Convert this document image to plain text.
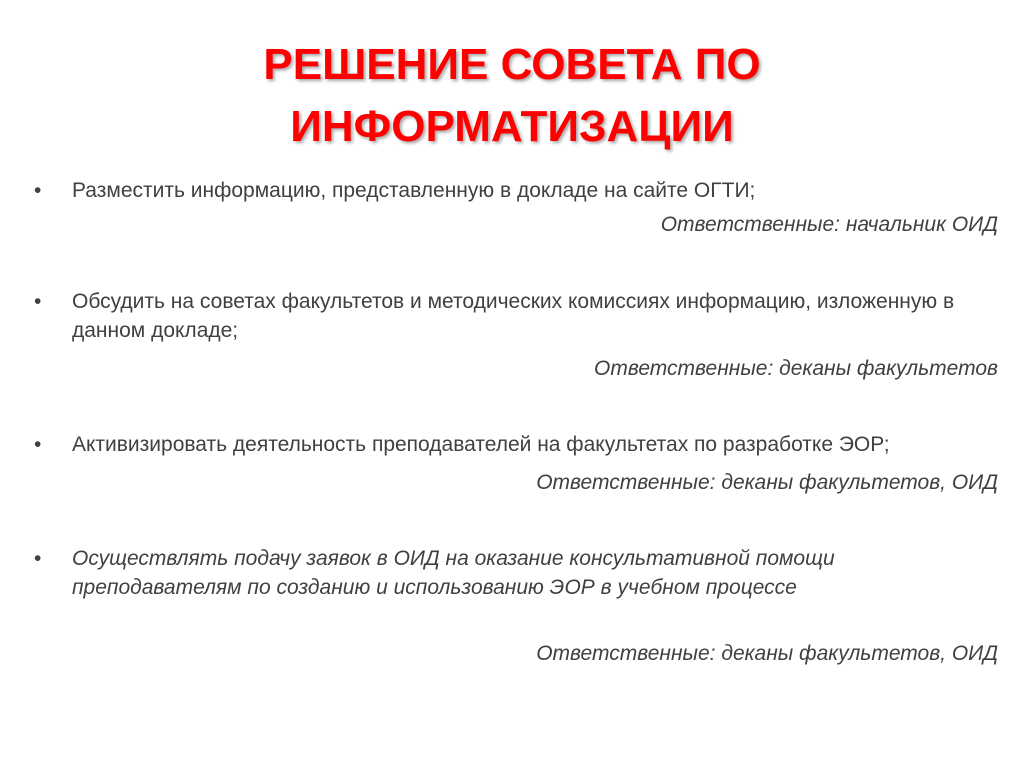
РЕШЕНИЕ СОВЕТА ПО ИНФОРМАТИЗАЦИИ
•	Разместить информацию, представленную в докладе на сайте ОГТИ;
Ответственные: начальник ОИД
•	Обсудить на советах факультетов и методических комиссиях информацию, изложенную в данном докладе;
Ответственные: деканы факультетов
•	Активизировать деятельность преподавателей на факультетах по разработке ЭОР;
Ответственные: деканы факультетов, ОИД
•	Осуществлять подачу заявок в ОИД на оказание консультативной помощи преподавателям по созданию и использованию ЭОР в учебном процессе
Ответственные: деканы факультетов, ОИД
